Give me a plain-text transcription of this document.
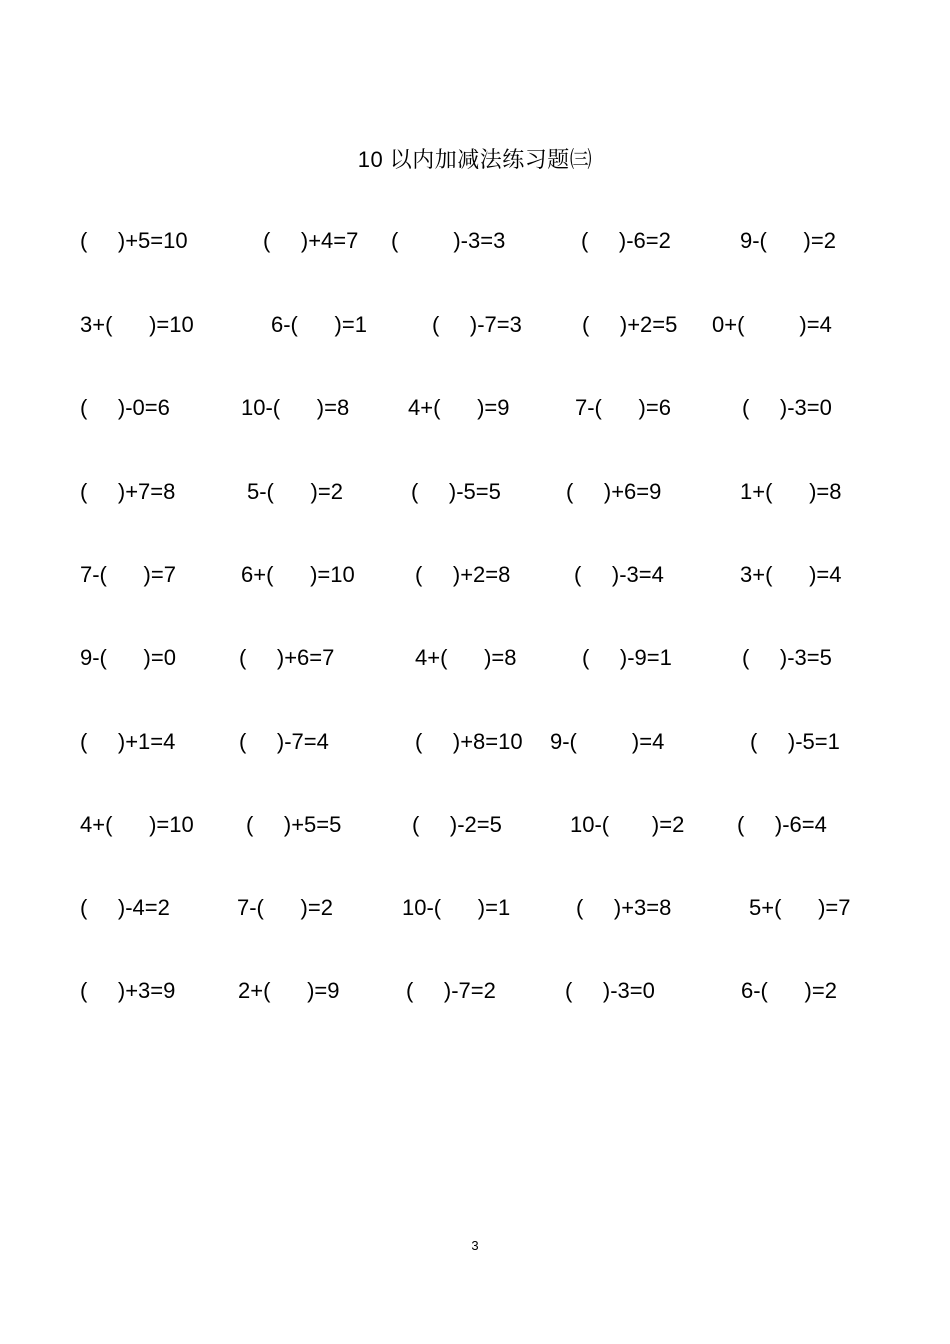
10 以内加减法练习题㈢
(     )+5=10	(     )+4=7 (         )-3=3	(     )-6=2	9-(      )=2
3+(      )=10	6-(      )=1	(     )-7=3	(     )+2=5 0+(         )=4
(     )-0=6	10-(      )=8	4+(      )=9	7-(      )=6	(     )-3=0
(     )+7=8	5-(      )=2	(     )-5=5	(     )+6=9	1+(      )=8
7-(      )=7	6+(      )=10	(     )+2=8	(     )-3=4	3+(      )=4
9-(      )=0	(     )+6=7	4+(      )=8	(     )-9=1	(     )-3=5
(     )+1=4	(     )-7=4	(     )+8=10 9-(         )=4	(     )-5=1
4+(      )=10 (     )+5=5	(     )-2=5	10-(       )=2 (     )-6=4
(     )-4=2	7-(      )=2	10-(      )=1	(     )+3=8	5+(      )=7
(     )+3=9	2+(      )=9	(     )-7=2	(     )-3=0	6-(      )=2
3
